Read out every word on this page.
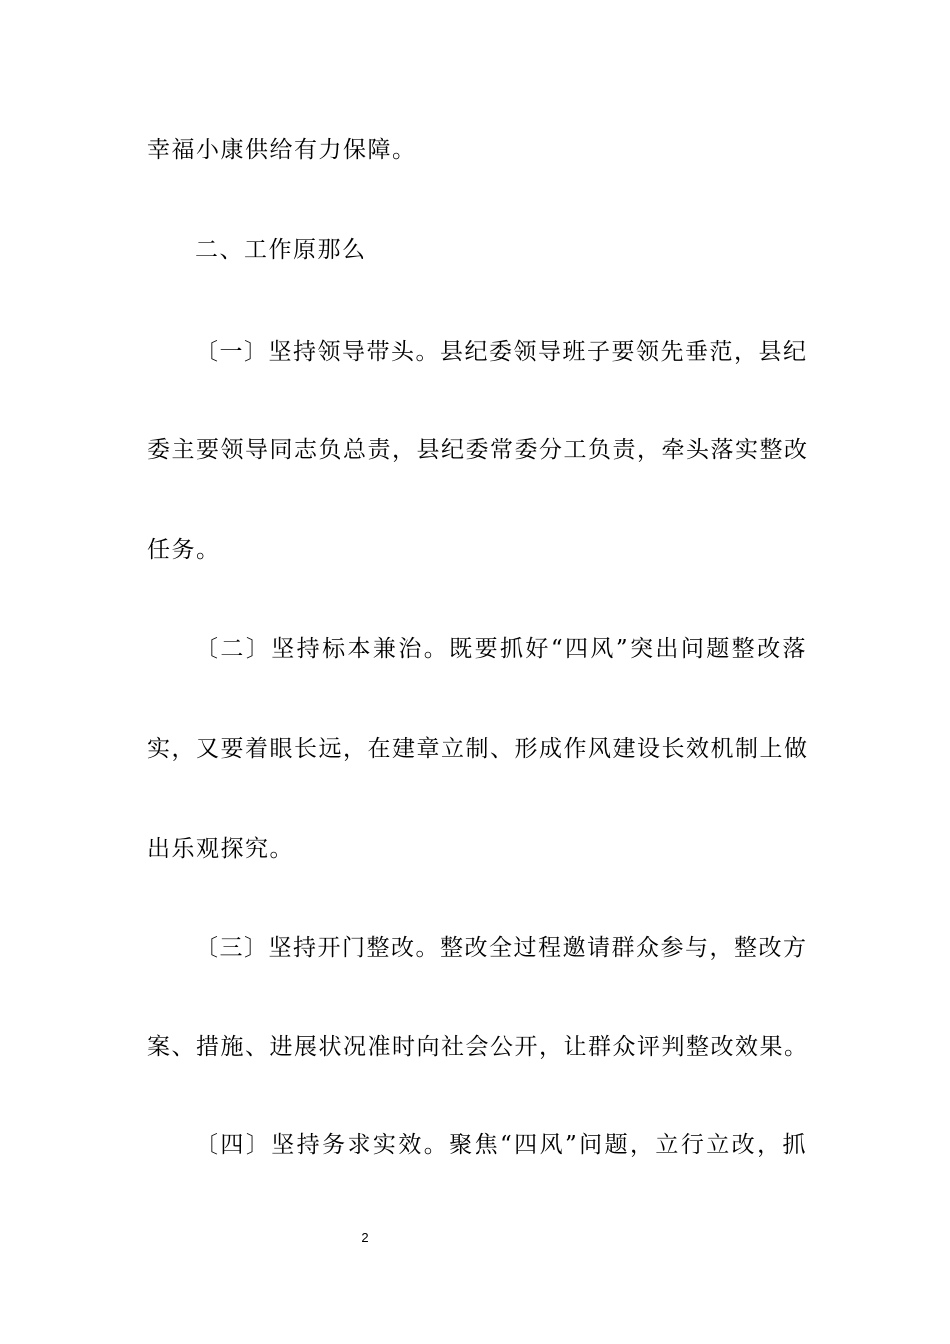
幸福小康供给有力保障。
二、工作原那么
〔一〕坚持领导带头。县纪委领导班子要领先垂范，县纪
委主要领导同志负总责，县纪委常委分工负责，牵头落实整改
任务。
〔二〕坚持标本兼治。既要抓好“四风”突出问题整改落
实，又要着眼长远，在建章立制、形成作风建设长效机制上做
出乐观探究。
〔三〕坚持开门整改。整改全过程邀请群众参与，整改方
案、措施、进展状况准时向社会公开，让群众评判整改效果。
〔四〕坚持务求实效。聚焦“四风”问题，立行立改，抓
2
